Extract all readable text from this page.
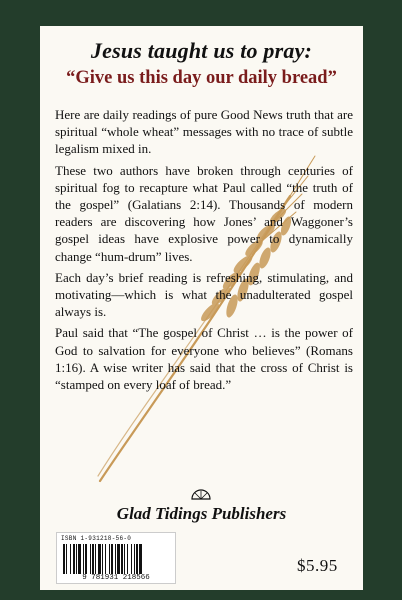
Jesus taught us to pray:
“Give us this day our daily bread”

Here are daily readings of pure Good News truth that are spiritual “whole wheat” messages with no trace of subtle legalism mixed in.

These two authors have broken through centuries of spiritual fog to recapture what Paul called “the truth of the gospel” (Galatians 2:14). Thousands of modern readers are discovering how Jones’ and Waggoner’s gospel ideas have explosive power to dynamically change “hum-drum” lives.

Each day’s brief reading is refreshing, stimulating, and motivating—which is what the unadulterated gospel always is.

Paul said that “The gospel of Christ … is the power of God to salvation for everyone who believes” (Romans 1:16). A wise writer has said that the cross of Christ is “stamped on every loaf of bread.”

Glad Tidings Publishers
ISBN 1-931218-56-0
9 781931 218566
$5.95
